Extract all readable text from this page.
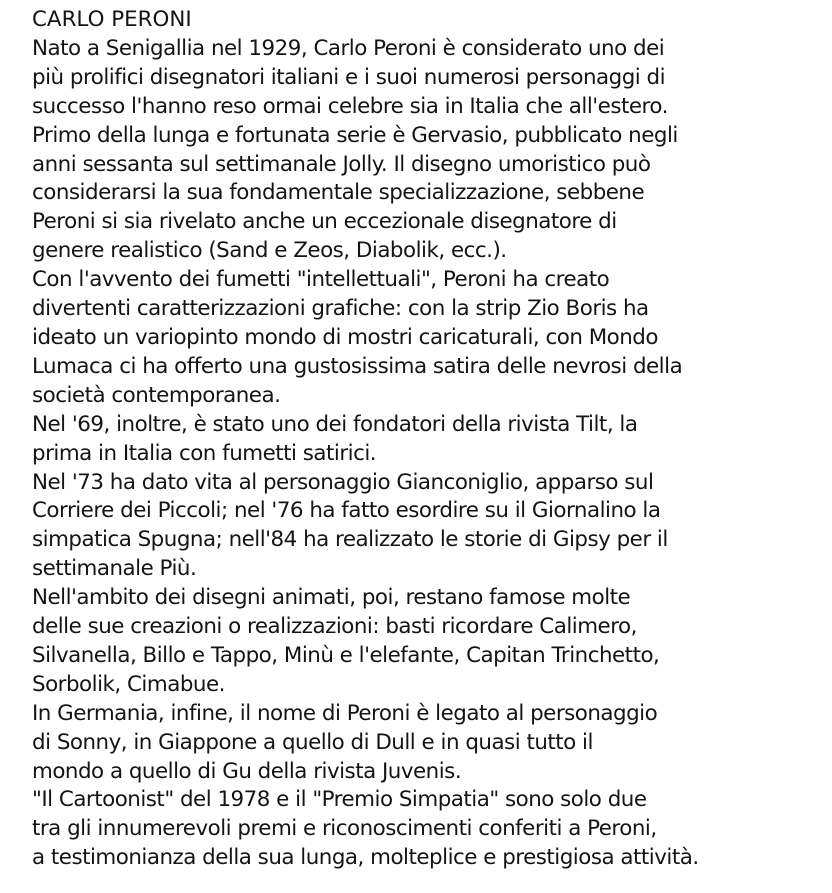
CARLO PERONI
Nato a Senigallia nel 1929, Carlo Peroni è considerato uno dei
più prolifici disegnatori italiani e i suoi numerosi personaggi di
successo l'hanno reso ormai celebre sia in Italia che all'estero.
Primo della lunga e fortunata serie è Gervasio, pubblicato negli
anni sessanta sul settimanale Jolly. Il disegno umoristico può
considerarsi la sua fondamentale specializzazione, sebbene
Peroni si sia rivelato anche un eccezionale disegnatore di
genere realistico (Sand e Zeos, Diabolik, ecc.).
Con l'avvento dei fumetti "intellettuali", Peroni ha creato
divertenti caratterizzazioni grafiche: con la strip Zio Boris ha
ideato un variopinto mondo di mostri caricaturali, con Mondo
Lumaca ci ha offerto una gustosissima satira delle nevrosi della
società contemporanea.
Nel '69, inoltre, è stato uno dei fondatori della rivista Tilt, la
prima in Italia con fumetti satirici.
Nel '73 ha dato vita al personaggio Gianconiglio, apparso sul
Corriere dei Piccoli; nel '76 ha fatto esordire su il Giornalino la
simpatica Spugna; nell'84 ha realizzato le storie di Gipsy per il
settimanale Più.
Nell'ambito dei disegni animati, poi, restano famose molte
delle sue creazioni o realizzazioni: basti ricordare Calimero,
Silvanella, Billo e Tappo, Minù e l'elefante, Capitan Trinchetto,
Sorbolik, Cimabue.
In Germania, infine, il nome di Peroni è legato al personaggio
di Sonny, in Giappone a quello di Dull e in quasi tutto il
mondo a quello di Gu della rivista Juvenis.
"Il Cartoonist" del 1978 e il "Premio Simpatia" sono solo due
tra gli innumerevoli premi e riconoscimenti conferiti a Peroni,
a testimonianza della sua lunga, molteplice e prestigiosa attività.
